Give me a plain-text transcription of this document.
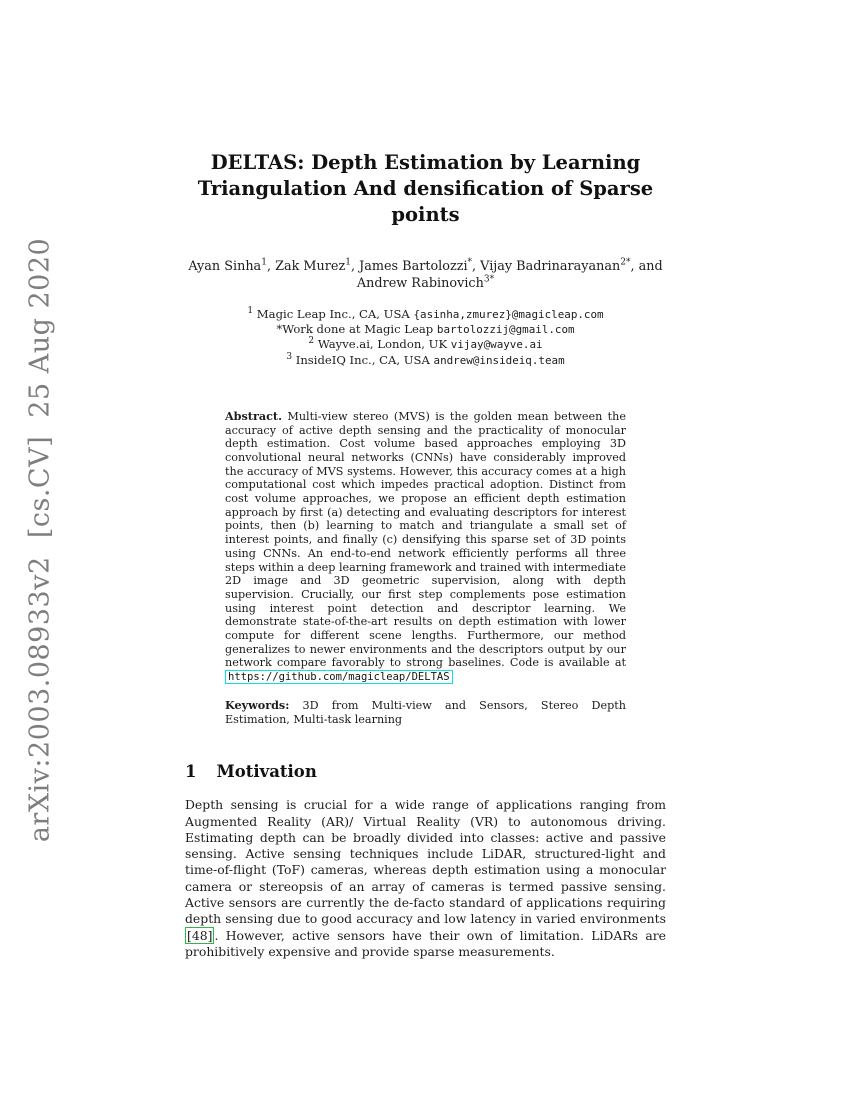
arXiv:2003.08933v2  [cs.CV]  25 Aug 2020
DELTAS: Depth Estimation by Learning
Triangulation And densification of Sparse points

Ayan Sinha$^1$, Zak Murez$^1$, James Bartolozzi*, Vijay Badrinarayanan$^{2*}$, and
Andrew Rabinovich$^{3*}$

$^1$ Magic Leap Inc., CA, USA {asinha,zmurez}@magicleap.com
*Work done at Magic Leap bartolozzij@gmail.com
$^2$ Wayve.ai, London, UK vijay@wayve.ai
$^3$ InsideIQ Inc., CA, USA andrew@insideiq.team

Abstract. Multi-view stereo (MVS) is the golden mean between the accuracy of active depth sensing and the practicality of monocular depth estimation. Cost volume based approaches employing 3D convolutional neural networks (CNNs) have considerably improved the accuracy of MVS systems. However, this accuracy comes at a high computational cost which impedes practical adoption. Distinct from cost volume approaches, we propose an efficient depth estimation approach by first (a) detecting and evaluating descriptors for interest points, then (b) learning to match and triangulate a small set of interest points, and finally (c) densifying this sparse set of 3D points using CNNs. An end-to-end network efficiently performs all three steps within a deep learning framework and trained with intermediate 2D image and 3D geometric supervision, along with depth supervision. Crucially, our first step complements pose estimation using interest point detection and descriptor learning. We demonstrate state-of-the-art results on depth estimation with lower compute for different scene lengths. Furthermore, our method generalizes to newer environments and the descriptors output by our network compare favorably to strong baselines. Code is available at https://github.com/magicleap/DELTAS

Keywords: 3D from Multi-view and Sensors, Stereo Depth Estimation, Multi-task learning

1 Motivation

Depth sensing is crucial for a wide range of applications ranging from Augmented Reality (AR)/ Virtual Reality (VR) to autonomous driving. Estimating depth can be broadly divided into classes: active and passive sensing. Active sensing techniques include LiDAR, structured-light and time-of-flight (ToF) cameras, whereas depth estimation using a monocular camera or stereopsis of an array of cameras is termed passive sensing. Active sensors are currently the de-facto standard of applications requiring depth sensing due to good accuracy and low latency in varied environments [48] . However, active sensors have their own of limitation. LiDARs are prohibitively expensive and provide sparse measurements.
